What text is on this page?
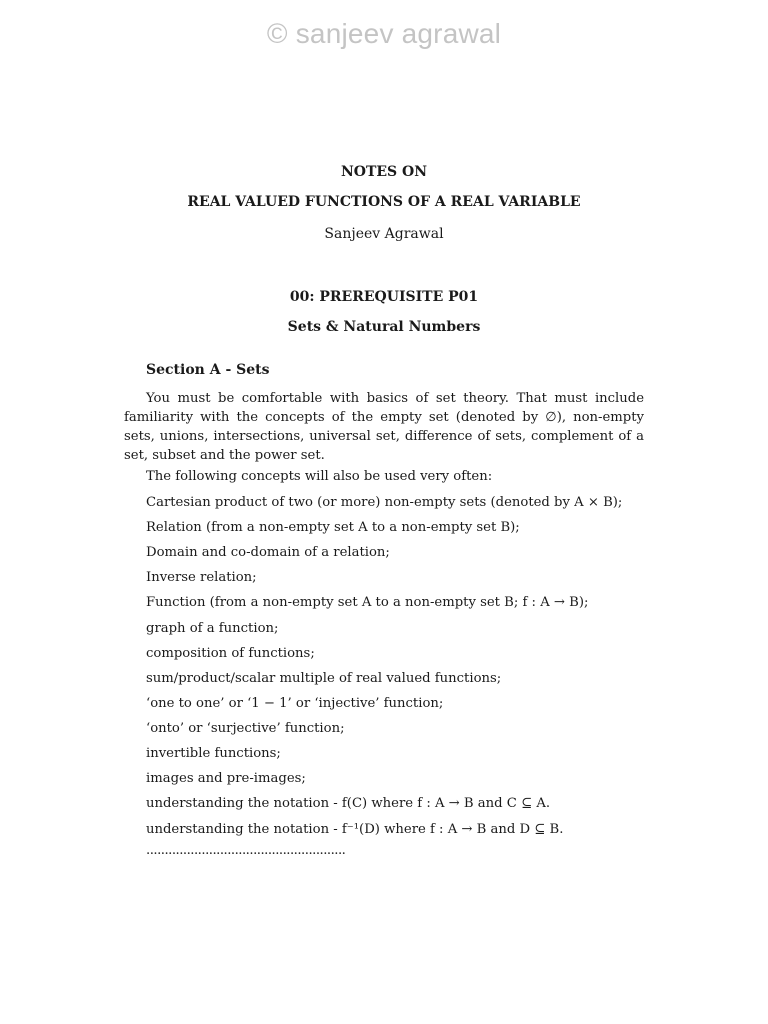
© sanjeev agrawal
NOTES ON
REAL VALUED FUNCTIONS OF A REAL VARIABLE
Sanjeev Agrawal
00: PREREQUISITE P01
Sets & Natural Numbers
Section A - Sets
You must be comfortable with basics of set theory. That must include familiarity with the concepts of the empty set (denoted by ∅), non-empty sets, unions, intersections, universal set, difference of sets, complement of a set, subset and the power set.
The following concepts will also be used very often:
Cartesian product of two (or more) non-empty sets (denoted by A × B);
Relation (from a non-empty set A to a non-empty set B);
Domain and co-domain of a relation;
Inverse relation;
Function (from a non-empty set A to a non-empty set B; f : A → B);
graph of a function;
composition of functions;
sum/product/scalar multiple of real valued functions;
‘one to one’ or ‘1 − 1’ or ‘injective’ function;
‘onto’ or ‘surjective’ function;
invertible functions;
images and pre-images;
understanding the notation - f(C) where f : A → B and C ⊆ A.
understanding the notation - f⁻¹(D) where f : A → B and D ⊆ B.
......................................................
